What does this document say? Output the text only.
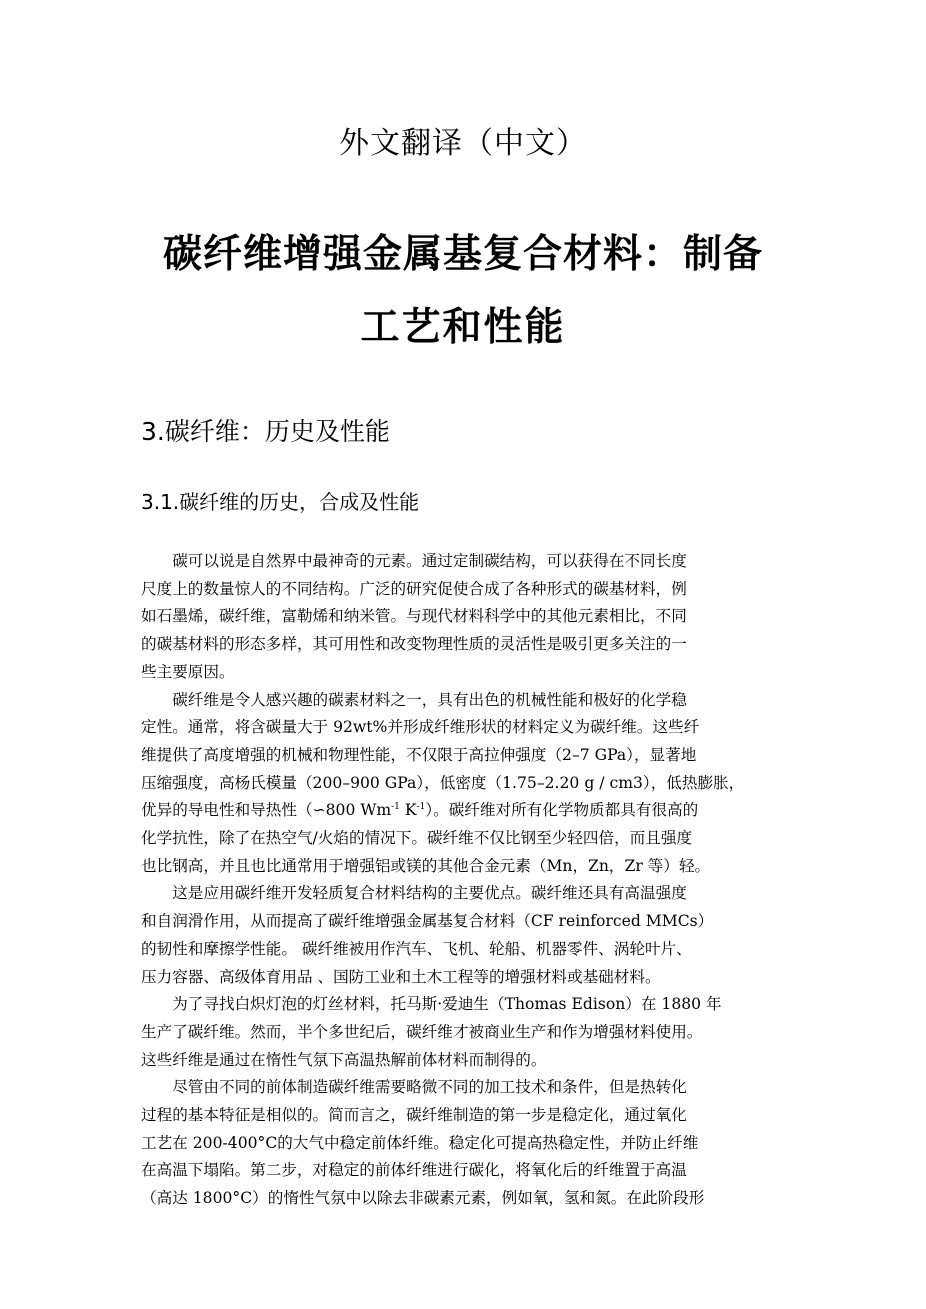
外文翻译（中文）
碳纤维增强金属基复合材料：制备
工艺和性能
3.碳纤维：历史及性能
3.1.碳纤维的历史，合成及性能

碳可以说是自然界中最神奇的元素。通过定制碳结构，可以获得在不同长度
尺度上的数量惊人的不同结构。广泛的研究促使合成了各种形式的碳基材料，例
如石墨烯，碳纤维，富勒烯和纳米管。与现代材料科学中的其他元素相比，不同
的碳基材料的形态多样，其可用性和改变物理性质的灵活性是吸引更多关注的一
些主要原因。

碳纤维是令人感兴趣的碳素材料之一，具有出色的机械性能和极好的化学稳
定性。通常，将含碳量大于 92wt%并形成纤维形状的材料定义为碳纤维。这些纤
维提供了高度增强的机械和物理性能，不仅限于高拉伸强度（2–7 GPa），显著地
压缩强度，高杨氏模量（200–900 GPa），低密度（1.75–2.20 g / cm3），低热膨胀，
优异的导电性和导热性（∽800 $Wm^{-1}$ $K^{-1}$）。碳纤维对所有化学物质都具有很高的
化学抗性，除了在热空气/火焰的情况下。碳纤维不仅比钢至少轻四倍，而且强度
也比钢高，并且也比通常用于增强铝或镁的其他合金元素（Mn，Zn，Zr 等）轻。

这是应用碳纤维开发轻质复合材料结构的主要优点。碳纤维还具有高温强度
和自润滑作用，从而提高了碳纤维增强金属基复合材料（CF reinforced MMCs）
的韧性和摩擦学性能。 碳纤维被用作汽车、飞机、轮船、机器零件、涡轮叶片、
压力容器、高级体育用品 、国防工业和土木工程等的增强材料或基础材料。

为了寻找白炽灯泡的灯丝材料，托马斯·爱迪生（Thomas Edison）在 1880 年
生产了碳纤维。然而，半个多世纪后，碳纤维才被商业生产和作为增强材料使用。
这些纤维是通过在惰性气氛下高温热解前体材料而制得的。

尽管由不同的前体制造碳纤维需要略微不同的加工技术和条件，但是热转化
过程的基本特征是相似的。简而言之，碳纤维制造的第一步是稳定化，通过氧化
工艺在 200-400°C的大气中稳定前体纤维。稳定化可提高热稳定性，并防止纤维
在高温下塌陷。第二步，对稳定的前体纤维进行碳化，将氧化后的纤维置于高温
（高达 1800°C）的惰性气氛中以除去非碳素元素，例如氧，氢和氮。在此阶段形
